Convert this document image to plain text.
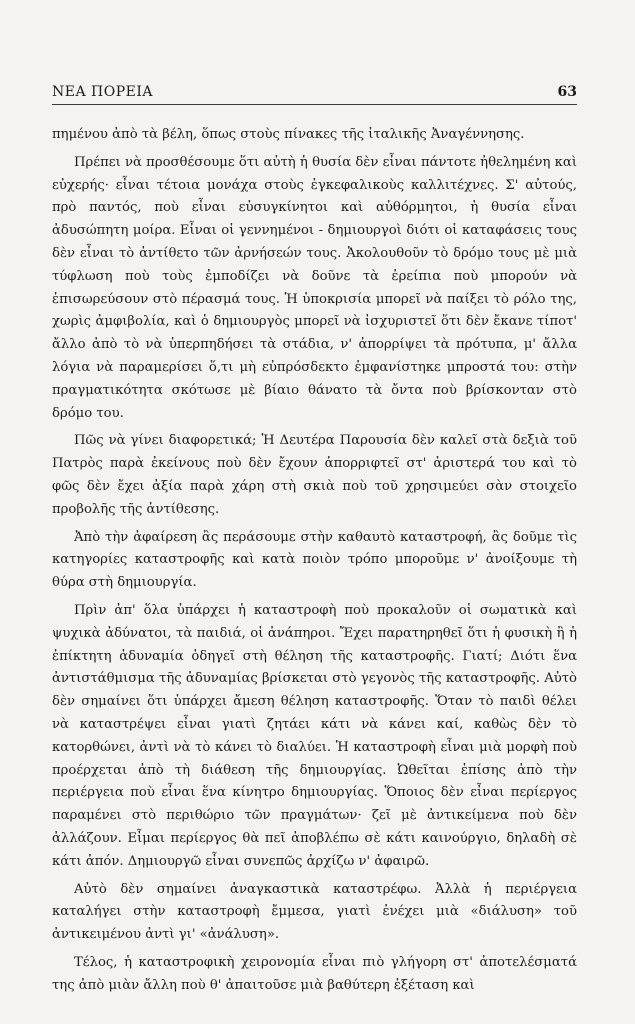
ΝΕΑ ΠΟΡΕΙΑ	63

πημένου ἀπὸ τὰ βέλη, ὅπως στοὺς πίνακες τῆς ἰταλικῆς Ἀναγέννησης.

Πρέπει νὰ προσθέσουμε ὅτι αὐτὴ ἡ θυσία δὲν εἶναι πάντοτε ἠθελημένη καὶ εὐχερής· εἶναι τέτοια μονάχα στοὺς ἐγκεφαλικοὺς καλλιτέχνες. Σ' αὐτούς, πρὸ παντός, ποὺ εἶναι εὐσυγκίνητοι καὶ αὐθόρμητοι, ἡ θυσία εἶναι ἀδυσώπητη μοίρα. Εἶναι οἱ γεννημένοι - δημιουργοὶ διότι οἱ καταφάσεις τους δὲν εἶναι τὸ ἀντίθετο τῶν ἀρνήσεών τους. Ἀκολουθοῦν τὸ δρόμο τους μὲ μιὰ τύφλωση ποὺ τοὺς ἐμποδίζει νὰ δοῦνε τὰ ἐρείπια ποὺ μπορούν νὰ ἐπισωρεύσουν στὸ πέρασμά τους. Ἡ ὑποκρισία μπορεῖ νὰ παίξει τὸ ρόλο της, χωρὶς ἀμφιβολία, καὶ ὁ δημιουργὸς μπορεῖ νὰ ἰσχυριστεῖ ὅτι δὲν ἔκανε τίποτ' ἄλλο ἀπὸ τὸ νὰ ὑπερπηδήσει τὰ στάδια, ν' ἀπορρίψει τὰ πρότυπα, μ' ἄλλα λόγια νὰ παραμερίσει ὅ,τι μὴ εὐπρόσδεκτο ἐμφανίστηκε μπροστά του: στὴν πραγματικότητα σκότωσε μὲ βίαιο θάνατο τὰ ὄντα ποὺ βρίσκονταν στὸ δρόμο του.

Πῶς νὰ γίνει διαφορετικά; Ἡ Δευτέρα Παρουσία δὲν καλεῖ στὰ δεξιὰ τοῦ Πατρὸς παρὰ ἐκείνους ποὺ δὲν ἔχουν ἀπορριφτεῖ στ' ἀριστερά του καὶ τὸ φῶς δὲν ἔχει ἀξία παρὰ χάρη στὴ σκιὰ ποὺ τοῦ χρησιμεύει σὰν στοιχεῖο προβολῆς τῆς ἀντίθεσης.

Ἀπὸ τὴν ἀφαίρεση ἂς περάσουμε στὴν καθαυτὸ καταστροφή, ἂς δοῦμε τὶς κατηγορίες καταστροφῆς καὶ κατὰ ποιὸν τρόπο μποροῦμε ν' ἀνοίξουμε τὴ θύρα στὴ δημιουργία.

Πρὶν ἀπ' ὅλα ὑπάρχει ἡ καταστροφὴ ποὺ προκαλοῦν οἱ σωματικὰ καὶ ψυχικὰ ἀδύνατοι, τὰ παιδιά, οἱ ἀνάπηροι. Ἔχει παρατηρηθεῖ ὅτι ἡ φυσικὴ ἢ ἡ ἐπίκτητη ἀδυναμία ὁδηγεῖ στὴ θέληση τῆς καταστροφῆς. Γιατί; Διότι ἕνα ἀντιστάθμισμα τῆς ἀδυναμίας βρίσκεται στὸ γεγονὸς τῆς καταστροφῆς. Αὐτὸ δὲν σημαίνει ὅτι ὑπάρχει ἄμεση θέληση καταστροφῆς. Ὅταν τὸ παιδὶ θέλει νὰ καταστρέψει εἶναι γιατὶ ζητάει κάτι νὰ κάνει καί, καθὼς δὲν τὸ κατορθώνει, ἀντὶ νὰ τὸ κάνει τὸ διαλύει. Ἡ καταστροφὴ εἶναι μιὰ μορφὴ ποὺ προέρχεται ἀπὸ τὴ διάθεση τῆς δημιουργίας. Ὠθεῖται ἐπίσης ἀπὸ τὴν περιέργεια ποὺ εἶναι ἕνα κίνητρο δημιουργίας. Ὅποιος δὲν εἶναι περίεργος παραμένει στὸ περιθώριο τῶν πραγμάτων· ζεῖ μὲ ἀντικείμενα ποὺ δὲν ἀλλάζουν. Εἶμαι περίεργος θὰ πεῖ ἀποβλέπω σὲ κάτι καινούργιο, δηλαδὴ σὲ κάτι ἀπόν. Δημιουργῶ εἶναι συνεπῶς ἀρχίζω ν' ἀφαιρῶ.

Αὐτὸ δὲν σημαίνει ἀναγκαστικὰ καταστρέφω. Ἀλλὰ ἡ περιέργεια καταλήγει στὴν καταστροφὴ ἔμμεσα, γιατὶ ἐνέχει μιὰ «διάλυση» τοῦ ἀντικειμένου ἀντὶ γι' «ἀνάλυση».

Τέλος, ἡ καταστροφικὴ χειρονομία εἶναι πιὸ γλήγορη στ' ἀποτελέσματά της ἀπὸ μιὰν ἄλλη ποὺ θ' ἀπαιτοῦσε μιὰ βαθύτερη ἐξέταση καὶ
